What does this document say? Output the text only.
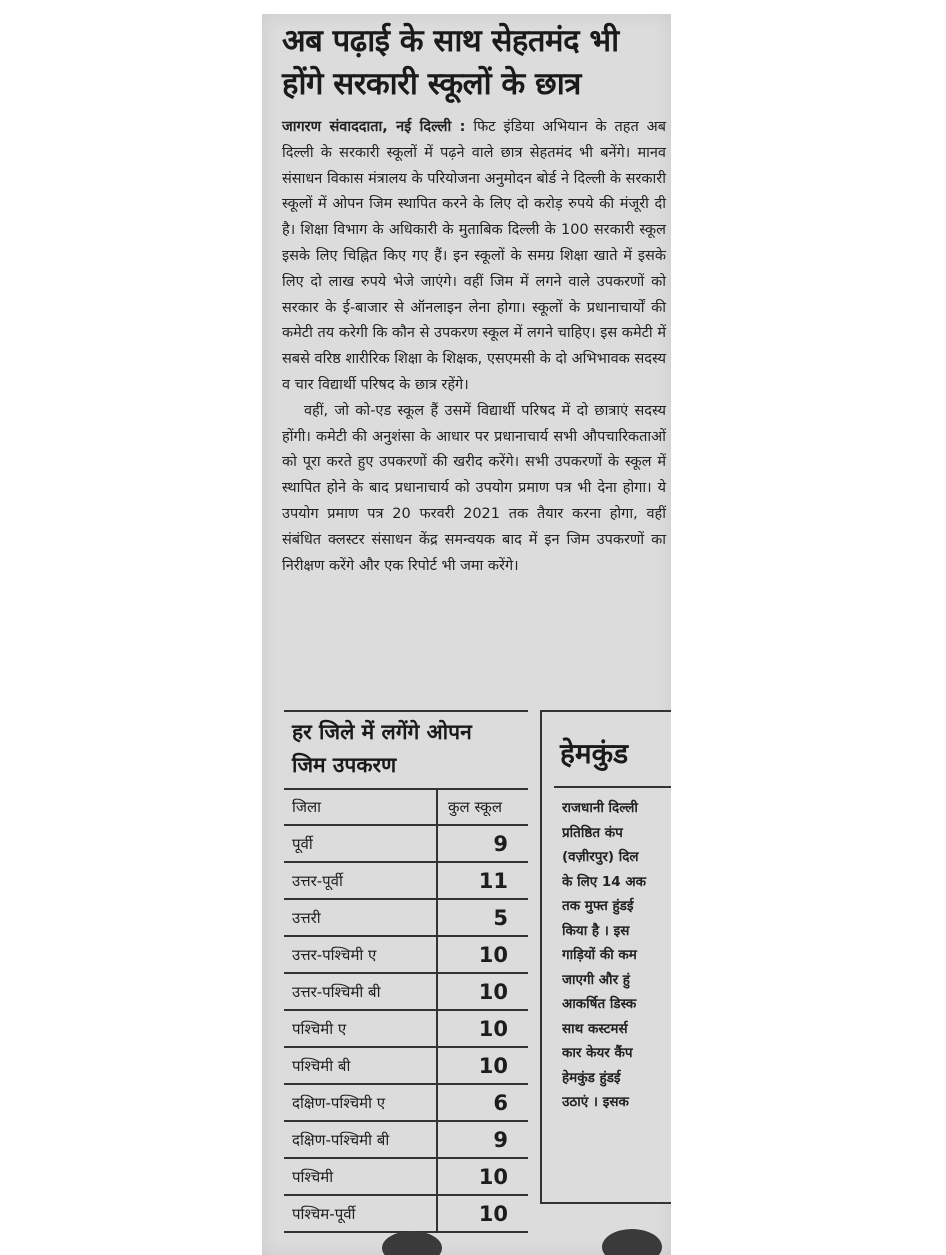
अब पढ़ाई के साथ सेहतमंद भी
होंगे सरकारी स्कूलों के छात्र

जागरण संवाददाता, नई दिल्ली : फिट इंडिया अभियान के तहत अब दिल्ली के सरकारी स्कूलों में पढ़ने वाले छात्र सेहतमंद भी बनेंगे। मानव संसाधन विकास मंत्रालय के परियोजना अनुमोदन बोर्ड ने दिल्ली के सरकारी स्कूलों में ओपन जिम स्थापित करने के लिए दो करोड़ रुपये की मंजूरी दी है। शिक्षा विभाग के अधिकारी के मुताबिक दिल्ली के 100 सरकारी स्कूल इसके लिए चिह्नित किए गए हैं। इन स्कूलों के समग्र शिक्षा खाते में इसके लिए दो लाख रुपये भेजे जाएंगे। वहीं जिम में लगने वाले उपकरणों को सरकार के ई-बाजार से ऑनलाइन लेना होगा। स्कूलों के प्रधानाचार्यों की कमेटी तय करेगी कि कौन से उपकरण स्कूल में लगने चाहिए। इस कमेटी में सबसे वरिष्ठ शारीरिक शिक्षा के शिक्षक, एसएमसी के दो अभिभावक सदस्य व चार विद्यार्थी परिषद के छात्र रहेंगे।

वहीं, जो को-एड स्कूल हैं उसमें विद्यार्थी परिषद में दो छात्राएं सदस्य होंगी। कमेटी की अनुशंसा के आधार पर प्रधानाचार्य सभी औपचारिकताओं को पूरा करते हुए उपकरणों की खरीद करेंगे। सभी उपकरणों के स्कूल में स्थापित होने के बाद प्रधानाचार्य को उपयोग प्रमाण पत्र भी देना होगा। ये उपयोग प्रमाण पत्र 20 फरवरी 2021 तक तैयार करना होगा, वहीं संबंधित क्लस्टर संसाधन केंद्र समन्वयक बाद में इन जिम उपकरणों का निरीक्षण करेंगे और एक रिपोर्ट भी जमा करेंगे।

हर जिले में लगेंगे ओपन
जिम उपकरण
जिला	कुल स्कूल
पूर्वी	9
उत्तर-पूर्वी	11
उत्तरी	5
उत्तर-पश्चिमी ए	10
उत्तर-पश्चिमी बी	10
पश्चिमी ए	10
पश्चिमी बी	10
दक्षिण-पश्चिमी ए	6
दक्षिण-पश्चिमी बी	9
पश्चिमी	10
पश्चिम-पूर्वी	10
हेमकुंड
राजधानी दिल्ली
प्रतिष्ठित कंप
(वज़ीरपुर) दिल
के लिए 14 अक
तक मुफ्त हुंडई
किया है । इस
गाड़ियों की कम
जाएगी और हुं
आकर्षित डिस्क
साथ कस्टमर्स
कार केयर कैंप
हेमकुंड हुंडई
उठाएं । इसक
